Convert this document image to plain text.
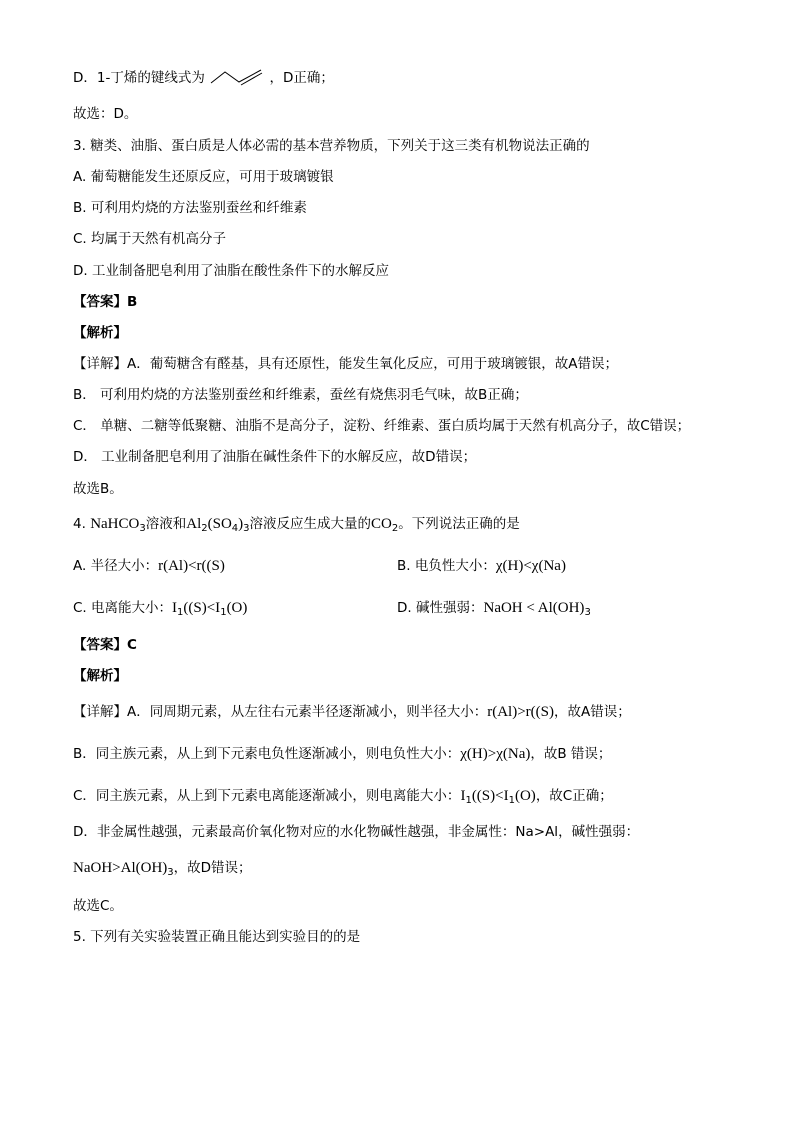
D．1-丁烯的键线式为	，D正确；
故选：D。
3. 糖类、油脂、蛋白质是人体必需的基本营养物质，下列关于这三类有机物说法正确的
A. 葡萄糖能发生还原反应，可用于玻璃镀银
B. 可利用灼烧的方法鉴别蚕丝和纤维素
C. 均属于天然有机高分子
D. 工业制备肥皂利用了油脂在酸性条件下的水解反应
【答案】B
【解析】
【详解】A．葡萄糖含有醛基，具有还原性，能发生氧化反应，可用于玻璃镀银，故A错误；
B． 可利用灼烧的方法鉴别蚕丝和纤维素，蚕丝有烧焦羽毛气味，故B正确；
C． 单糖、二糖等低聚糖、油脂不是高分子，淀粉、纤维素、蛋白质均属于天然有机高分子，故C错误；
D． 工业制备肥皂利用了油脂在碱性条件下的水解反应，故D错误；
故选B。
4. NaHCO$_3$溶液和$Al_2(SO_4)_3$溶液反应生成大量的$CO_2$。下列说法正确的是
A. 半径大小：r(Al)<r((S)	B. 电负性大小：χ(H)<χ(Na)
C. 电离能大小：$I_1((S)<I_1(O)$	D. 碱性强弱：NaOH < $Al(OH)_3$
【答案】C
【解析】
【详解】A．同周期元素，从左往右元素半径逐渐减小，则半径大小：r(Al)>r((S)，故A错误；
B．同主族元素，从上到下元素电负性逐渐减小，则电负性大小：χ(H)>χ(Na)，故B 错误；
C．同主族元素，从上到下元素电离能逐渐减小，则电离能大小：$I_1((S)<I_1(O)$，故C正确；
D．非金属性越强，元素最高价氧化物对应的水化物碱性越强，非金属性：Na>Al，碱性强弱：
$NaOH>Al(OH)_3$，故D错误；
故选C。
5. 下列有关实验装置正确且能达到实验目的的是
